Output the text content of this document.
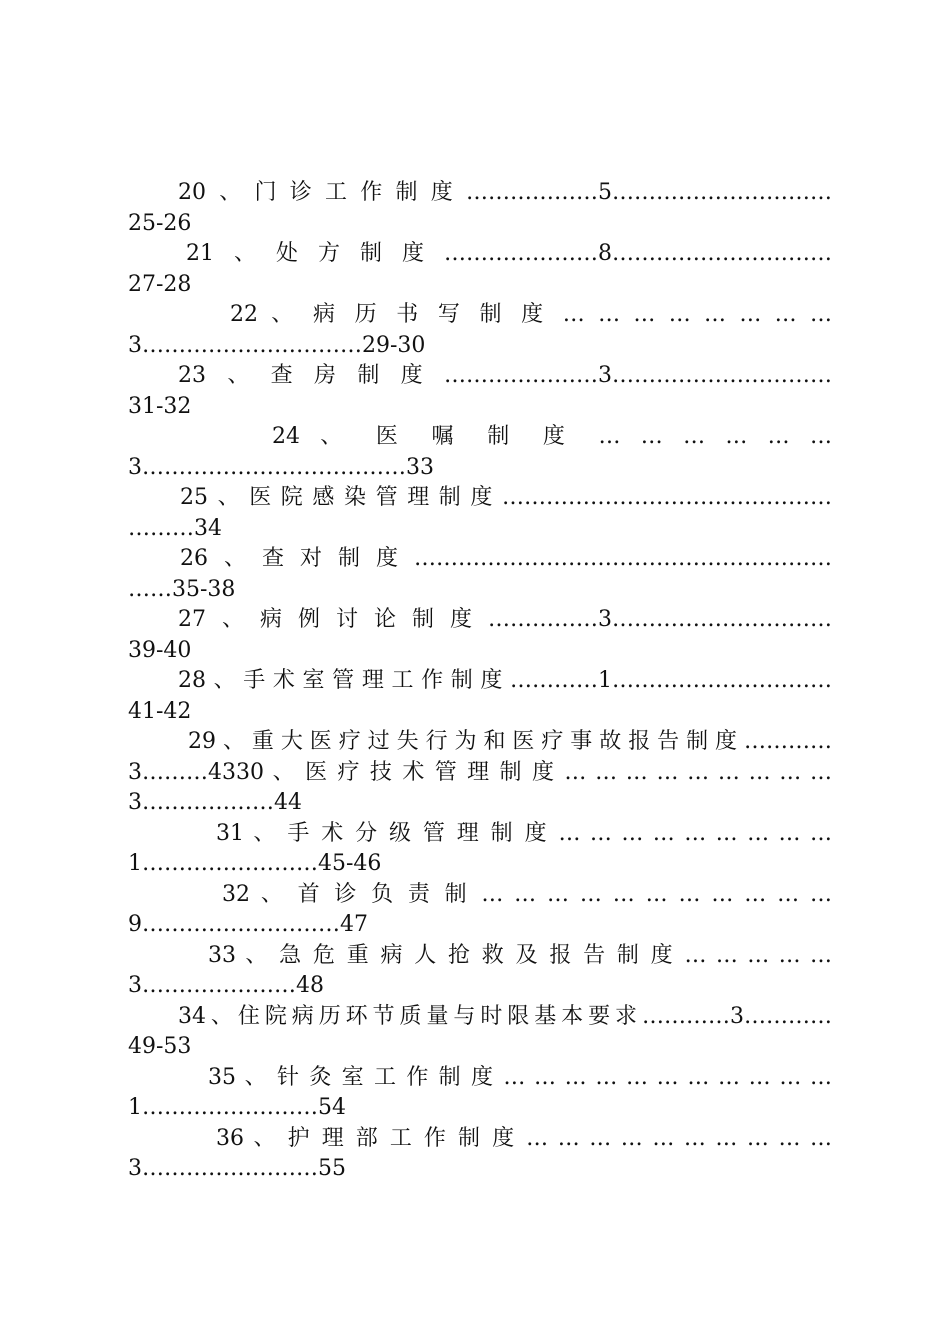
20、门诊工作制度………………5…………………………
25-26
21、处方制度…………………8…………………………
27-28
22 、 病 历 书 写 制 度 … … … … … … … …
3…………………………29-30
23、查房制度…………………3…………………………
31-32
24 、 医 嘱 制 度 … … … … … …
3………………………………33
25、医院感染管理制度………………………………………
………34
26、查对制度…………………………………………………
……35-38
27、病例讨论制度……………3…………………………
39-40
28、手术室管理工作制度…………1…………………………
41-42
29、重大医疗过失行为和医疗事故报告制度…………
3………4330 、 医 疗 技 术 管 理 制 度 … … … … … … … … …
3………………44
31 、 手 术 分 级 管 理 制 度 … … … … … … … … …
1……………………45-46
32 、 首 诊 负 责 制 … … … … … … … … … … …
9………………………47
33 、 急 危 重 病 人 抢 救 及 报 告 制 度 … … … … …
3…………………48
34、住院病历环节质量与时限基本要求…………3…………
49-53
35 、 针 灸 室 工 作 制 度 … … … … … … … … … … …
1……………………54
36 、 护 理 部 工 作 制 度 … … … … … … … … … …
3……………………55
